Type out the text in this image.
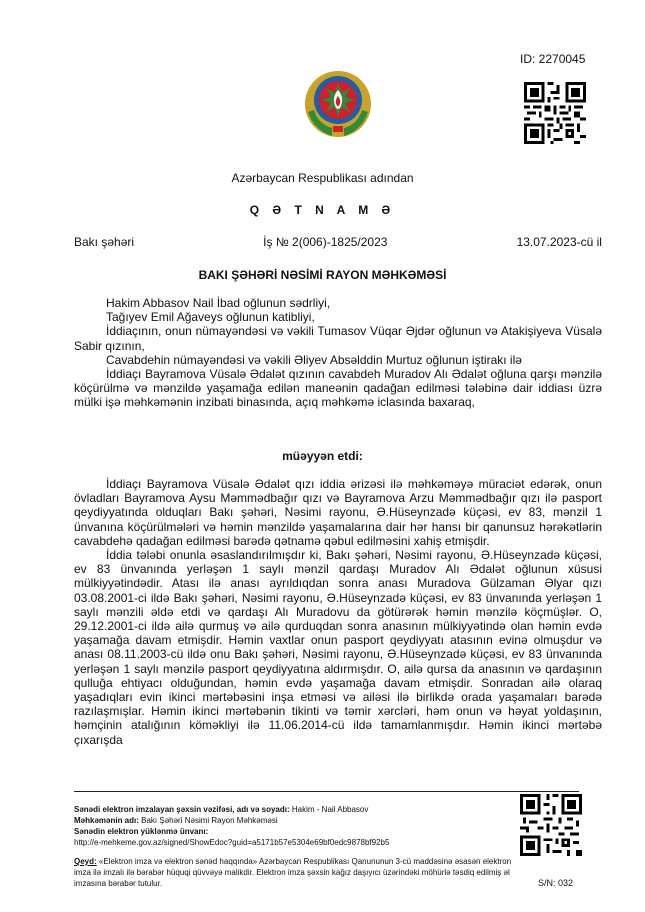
ID: 2270045
Azərbaycan Respublikası adından
Q Ə T N A M Ə
Bakı şəhəri	İş № 2(006)-1825/2023	13.07.2023-cü il
BAKI ŞƏHƏRİ NƏSİMİ RAYON MƏHKƏMƏSİ

Hakim Abbasov Nail İbad oğlunun sədrliyi,

Tağıyev Emil Ağaveys oğlunun katibliyi,

İddiaçının, onun nümayəndəsi və vəkili Tumasov Vüqar Əjdər oğlunun və Atakişiyeva Vüsalə Sabir qızının,

Cavabdehin nümayəndəsi və vəkili Əliyev Absəlddin Murtuz oğlunun iştirakı ilə

İddiaçı Bayramova Vüsalə Ədalət qızının cavabdeh Muradov Alı Ədalət oğluna qarşı mənzilə köçürülmə və mənzildə yaşamağa edilən maneənin qadağan edilməsi tələbinə dair iddiası üzrə mülki işə məhkəmənin inzibati binasında, açıq məhkəmə iclasında baxaraq,

müəyyən etdi:

İddiaçı Bayramova Vüsalə Ədalət qızı iddia ərizəsi ilə məhkəməyə müraciət edərək, onun övladları Bayramova Aysu Məmmədbağır qızı və Bayramova Arzu Məmmədbağır qızı ilə pasport qeydiyyatında olduqları Bakı şəhəri, Nəsimi rayonu, Ə.Hüseynzadə küçəsi, ev 83, mənzil 1 ünvanına köçürülmələri və həmin mənzildə yaşamalarına dair hər hansı bir qanunsuz hərəkətlərin cavabdehə qadağan edilməsi barədə qətnamə qəbul edilməsini xahiş etmişdir.

İddia tələbi onunla əsaslandırılmışdır ki, Bakı şəhəri, Nəsimi rayonu, Ə.Hüseynzadə küçəsi, ev 83 ünvanında yerləşən 1 saylı mənzil qardaşı Muradov Alı Ədalət oğlunun xüsusi mülkiyyətindədir. Atası ilə anası ayrıldıqdan sonra anası Muradova Gülzaman Əlyar qızı 03.08.2001-ci ildə Bakı şəhəri, Nəsimi rayonu, Ə.Hüseynzadə küçəsi, ev 83 ünvanında yerləşən 1 saylı mənzili əldə etdi və qardaşı Alı Muradovu da götürərək həmin mənzilə köçmüşlər. O, 29.12.2001-ci ildə ailə qurmuş və ailə qurduqdan sonra anasının mülkiyyətində olan həmin evdə yaşamağa davam etmişdir. Həmin vaxtlar onun pasport qeydiyyatı atasının evinə olmuşdur və anası 08.11.2003-cü ildə onu Bakı şəhəri, Nəsimi rayonu, Ə.Hüseynzadə küçəsi, ev 83 ünvanında yerləşən 1 saylı mənzilə pasport qeydiyyatına aldırmışdır. O, ailə qursa da anasının və qardaşının qulluğa ehtiyacı olduğundan, həmin evdə yaşamağa davam etmişdir. Sonradan ailə olaraq yaşadıqları evin ikinci mərtəbəsini inşa etməsi və ailəsi ilə birlikdə orada yaşamaları barədə razılaşmışlar. Həmin ikinci mərtəbənin tikinti və təmir xərcləri, həm onun və həyat yoldaşının, həmçinin atalığının köməkliyi ilə 11.06.2014-cü ildə tamamlanmışdır. Həmin ikinci mərtəbə çıxarışda

Sənədi elektron imzalayan şəxsin vəzifəsi, adı və soyadı: Hakim - Nail Abbasov
Məhkəmənin adı: Bakı Şəhəri Nəsimi Rayon Məhkəməsi
Sənədin elektron yüklənmə ünvanı:
http://e-mehkeme.gov.az/signed/ShowEdoc?guid=a5171b57e5304e69bf0edc9878bf92b5
Qeyd: «Elektron imza və elektron sənəd haqqında» Azərbaycan Respublikası Qanununun 3-cü maddəsinə əsasən elektron imza ilə imzalı ilə bərabər hüquqi qüvvəyə malikdir. Elektron imza şəxsin kağız daşıyıcı üzərindəki möhürlə təsdiq edilmiş əl imzasına bərabər tutulur.	S/N: 032
